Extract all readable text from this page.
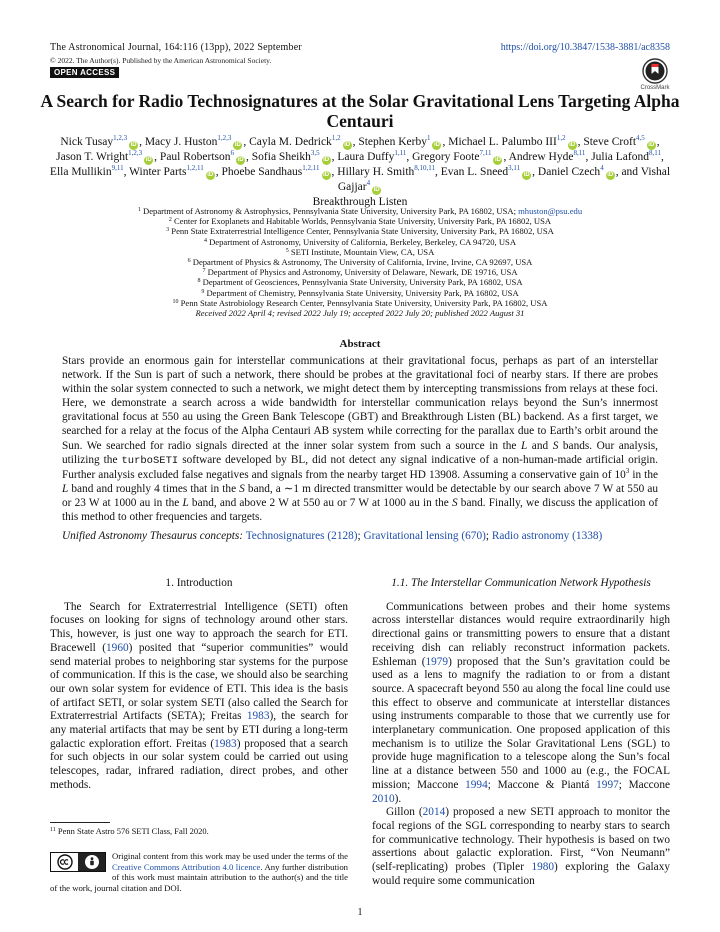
The Astronomical Journal, 164:116 (13pp), 2022 September	https://doi.org/10.3847/1538-3881/ac8358
© 2022. The Author(s). Published by the American Astronomical Society.
OPEN ACCESS
CrossMark
A Search for Radio Technosignatures at the Solar Gravitational Lens Targeting Alpha Centauri
Nick Tusay$^{1,2,3}$iD , Macy J. Huston$^{1,2,3}$iD , Cayla M. Dedrick$^{1,2}$iD , Stephen Kerby$^1$iD , Michael L. Palumbo III$^{1,2}$iD , Steve Croft$^{4,5}$iD , Jason T. Wright$^{1,2,3}$iD , Paul Robertson$^6$iD , Sofia Sheikh$^{3,5}$iD , Laura Duffy$^{1,11}$, Gregory Foote$^{7,11}$iD , Andrew Hyde$^{8,11}$, Julia Lafond$^{8,11}$, Ella Mullikin$^{9,11}$, Winter Parts$^{1,2,11}$iD , Phoebe Sandhaus$^{1,2,11}$iD , Hillary H. Smith$^{8,10,11}$, Evan L. Sneed$^{3,11}$iD , Daniel Czech$^4$iD , and Vishal Gajjar$^4$iD
Breakthrough Listen
$^1$ Department of Astronomy & Astrophysics, Pennsylvania State University, University Park, PA 16802, USA; mhuston@psu.edu
$^2$ Center for Exoplanets and Habitable Worlds, Pennsylvania State University, University Park, PA 16802, USA
$^3$ Penn State Extraterrestrial Intelligence Center, Pennsylvania State University, University Park, PA 16802, USA
$^4$ Department of Astronomy, University of California, Berkeley, Berkeley, CA 94720, USA
$^5$ SETI Institute, Mountain View, CA, USA
$^6$ Department of Physics & Astronomy, The University of California, Irvine, Irvine, CA 92697, USA
$^7$ Department of Physics and Astronomy, University of Delaware, Newark, DE 19716, USA
$^8$ Department of Geosciences, Pennsylvania State University, University Park, PA 16802, USA
$^9$ Department of Chemistry, Pennsylvania State University, University Park, PA 16802, USA
$^{10}$ Penn State Astrobiology Research Center, Pennsylvania State University, University Park, PA 16802, USA
Received 2022 April 4; revised 2022 July 19; accepted 2022 July 20; published 2022 August 31
Abstract

Stars provide an enormous gain for interstellar communications at their gravitational focus, perhaps as part of an interstellar network. If the Sun is part of such a network, there should be probes at the gravitational foci of nearby stars. If there are probes within the solar system connected to such a network, we might detect them by intercepting transmissions from relays at these foci. Here, we demonstrate a search across a wide bandwidth for interstellar communication relays beyond the Sun’s innermost gravitational focus at 550 au using the Green Bank Telescope (GBT) and Breakthrough Listen (BL) backend. As a first target, we searched for a relay at the focus of the Alpha Centauri AB system while correcting for the parallax due to Earth’s orbit around the Sun. We searched for radio signals directed at the inner solar system from such a source in the L and S bands. Our analysis, utilizing the turboSETI software developed by BL, did not detect any signal indicative of a non-human-made artificial origin. Further analysis excluded false negatives and signals from the nearby target HD 13908. Assuming a conservative gain of $10^3$ in the L band and roughly 4 times that in the S band, a ∼1 m directed transmitter would be detectable by our search above 7 W at 550 au or 23 W at 1000 au in the L band, and above 2 W at 550 au or 7 W at 1000 au in the S band. Finally, we discuss the application of this method to other frequencies and targets.

Unified Astronomy Thesaurus concepts: Technosignatures (2128); Gravitational lensing (670); Radio astronomy (1338)

1. Introduction

The Search for Extraterrestrial Intelligence (SETI) often focuses on looking for signs of technology around other stars. This, however, is just one way to approach the search for ETI. Bracewell (1960) posited that “superior communities” would send material probes to neighboring star systems for the purpose of communication. If this is the case, we should also be searching our own solar system for evidence of ETI. This idea is the basis of artifact SETI, or solar system SETI (also called the Search for Extraterrestrial Artifacts (SETA); Freitas 1983), the search for any material artifacts that may be sent by ETI during a long-term galactic exploration effort. Freitas (1983) proposed that a search for such objects in our solar system could be carried out using telescopes, radar, infrared radiation, direct probes, and other methods.

1.1. The Interstellar Communication Network Hypothesis

Communications between probes and their home systems across interstellar distances would require extraordinarily high directional gains or transmitting powers to ensure that a distant receiving dish can reliably reconstruct information packets. Eshleman (1979) proposed that the Sun’s gravitation could be used as a lens to magnify the radiation to or from a distant source. A spacecraft beyond 550 au along the focal line could use this effect to observe and communicate at interstellar distances using instruments comparable to those that we currently use for interplanetary communication. One proposed application of this mechanism is to utilize the Solar Gravitational Lens (SGL) to provide huge magnification to a telescope along the Sun’s focal line at a distance between 550 and 1000 au (e.g., the FOCAL mission; Maccone 1994; Maccone & Piantá 1997; Maccone 2010).

Gillon (2014) proposed a new SETI approach to monitor the focal regions of the SGL corresponding to nearby stars to search for communicative technology. Their hypothesis is based on two assertions about galactic exploration. First, “Von Neumann” (self-replicating) probes (Tipler 1980) exploring the Galaxy would require some communication

$^{11}$ Penn State Astro 576 SETI Class, Fall 2020.
Original content from this work may be used under the terms of the Creative Commons Attribution 4.0 licence. Any further distribution of this work must maintain attribution to the author(s) and the title of the work, journal citation and DOI.
1
